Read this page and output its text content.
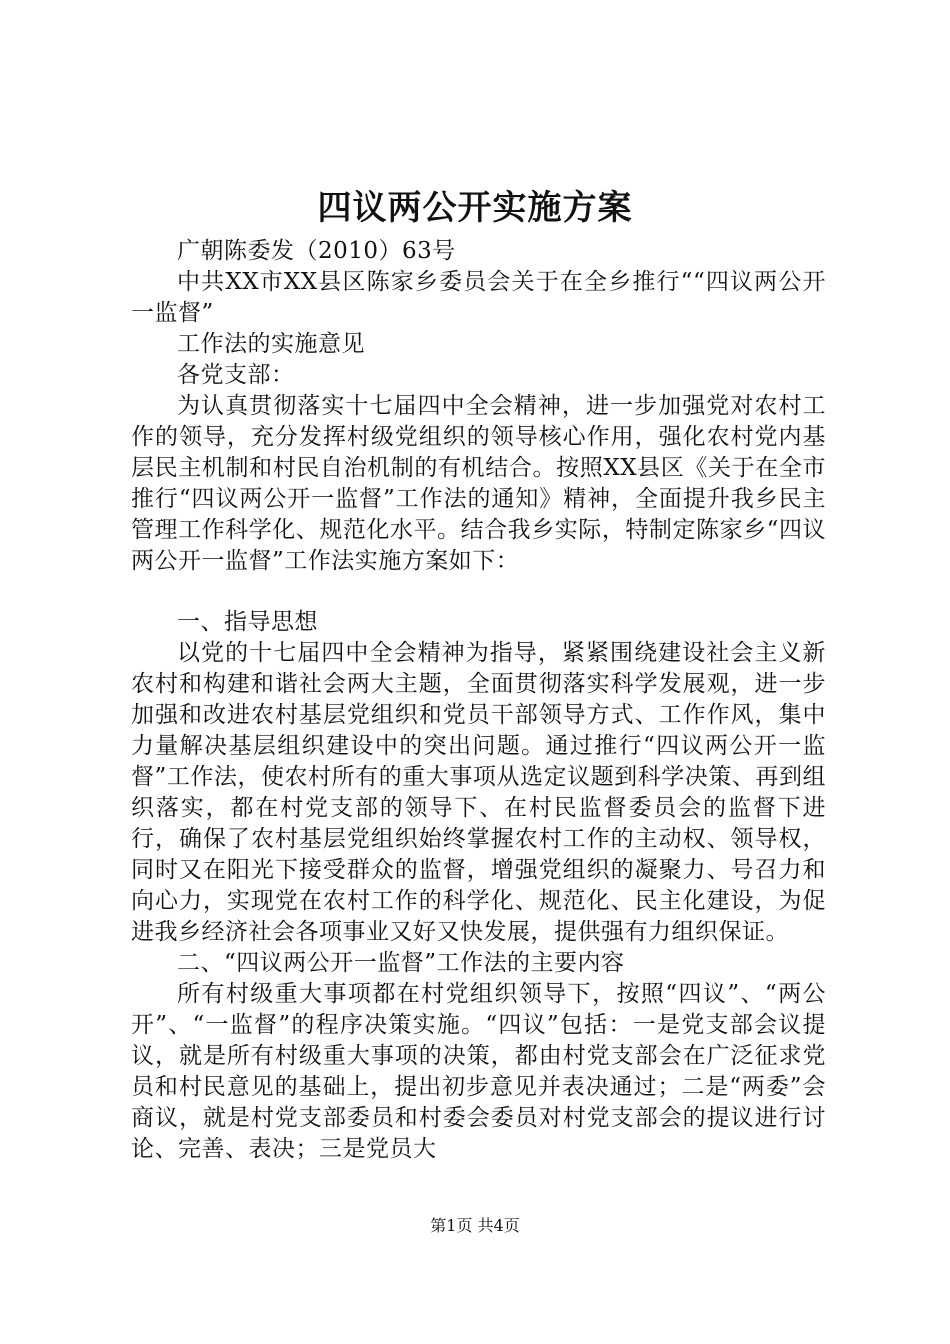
四议两公开实施方案

广朝陈委发（2010）63号

中共XX市XX县区陈家乡委员会关于在全乡推行““四议两公开一监督”

工作法的实施意见

各党支部：

为认真贯彻落实十七届四中全会精神，进一步加强党对农村工作的领导，充分发挥村级党组织的领导核心作用，强化农村党内基层民主机制和村民自治机制的有机结合。按照XX县区《关于在全市推行“四议两公开一监督”工作法的通知》精神，全面提升我乡民主管理工作科学化、规范化水平。结合我乡实际，特制定陈家乡“四议两公开一监督”工作法实施方案如下：

一、指导思想

以党的十七届四中全会精神为指导，紧紧围绕建设社会主义新农村和构建和谐社会两大主题，全面贯彻落实科学发展观，进一步加强和改进农村基层党组织和党员干部领导方式、工作作风，集中力量解决基层组织建设中的突出问题。通过推行“四议两公开一监督”工作法，使农村所有的重大事项从选定议题到科学决策、再到组织落实，都在村党支部的领导下、在村民监督委员会的监督下进行，确保了农村基层党组织始终掌握农村工作的主动权、领导权，同时又在阳光下接受群众的监督，增强党组织的凝聚力、号召力和向心力，实现党在农村工作的科学化、规范化、民主化建设，为促进我乡经济社会各项事业又好又快发展，提供强有力组织保证。

二、“四议两公开一监督”工作法的主要内容

所有村级重大事项都在村党组织领导下，按照“四议”、“两公开”、“一监督”的程序决策实施。“四议”包括：一是党支部会议提议，就是所有村级重大事项的决策，都由村党支部会在广泛征求党员和村民意见的基础上，提出初步意见并表决通过；二是“两委”会商议，就是村党支部委员和村委会委员对村党支部会的提议进行讨论、完善、表决；三是党员大

第1页 共4页
